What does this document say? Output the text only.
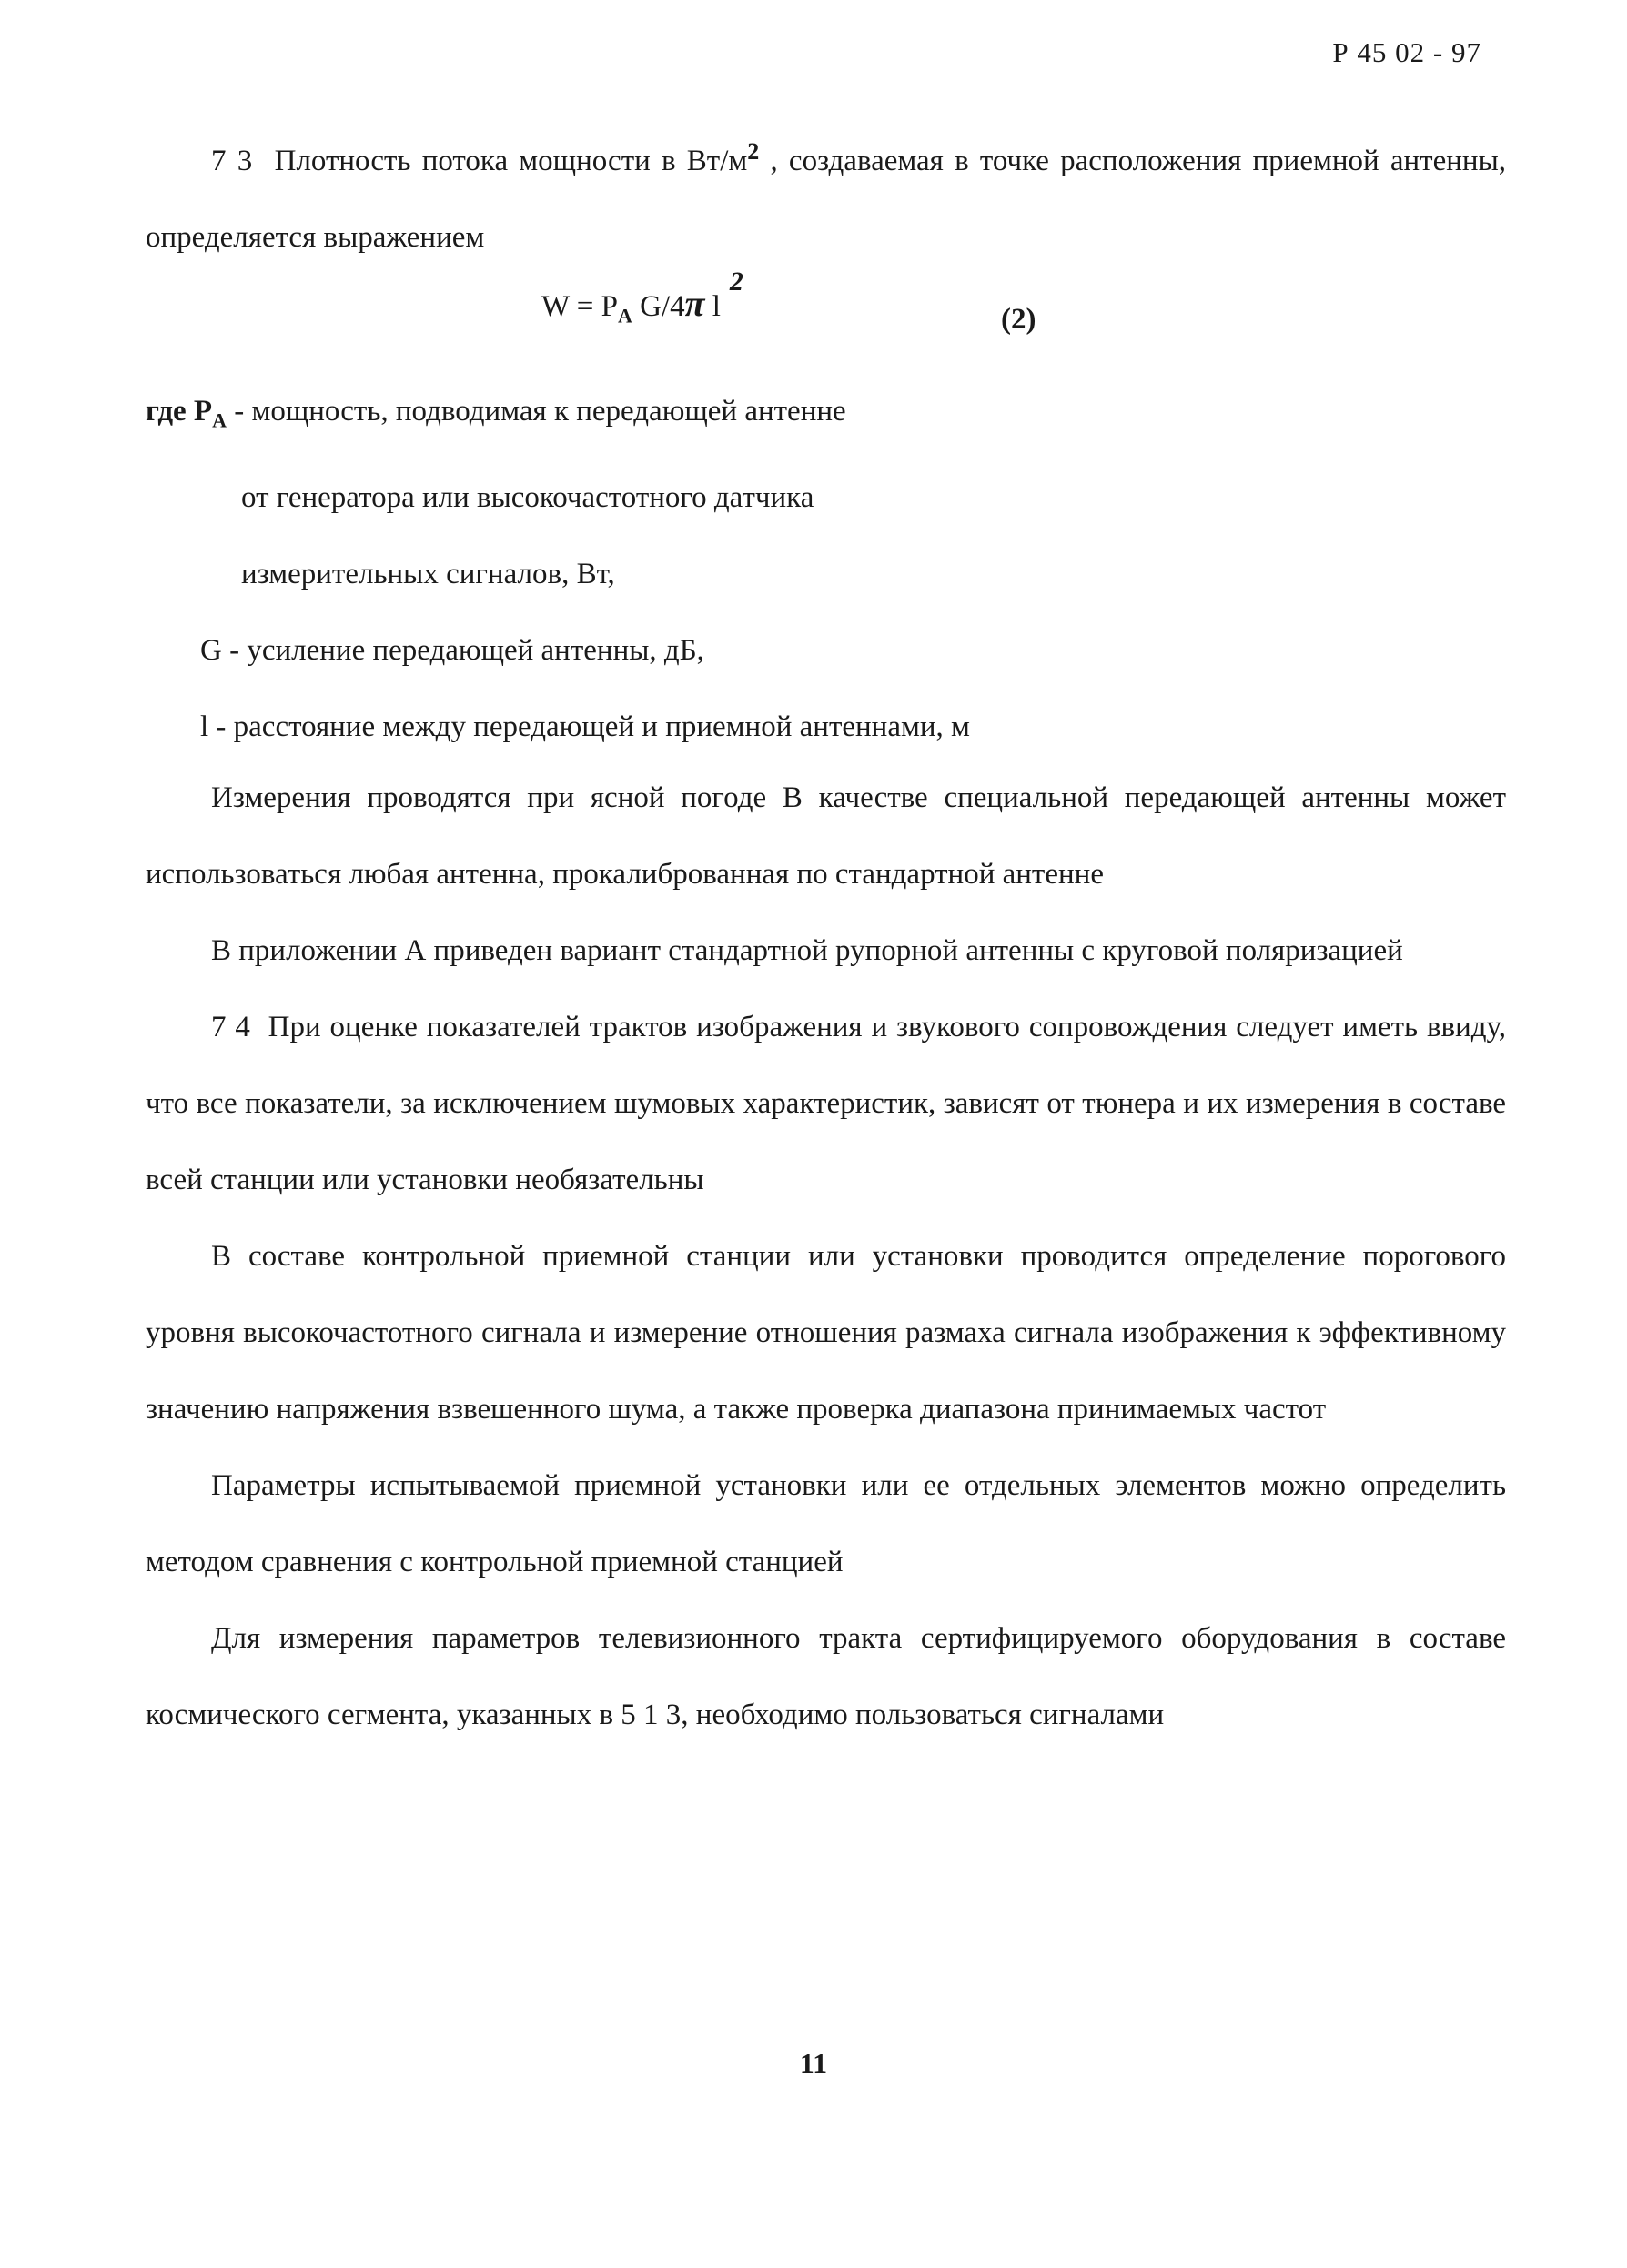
Р 45 02 - 97

7 3 Плотность потока мощности в $Вт/м^2$ , создаваемая в точке расположения приемной антенны, определяется выражением

$W = P_A$ G/4π l2
(2)

где $P_A$ - мощность, подводимая к передающей антенне

от генератора или высокочастотного датчика

измерительных сигналов, Вт,

G - усиление передающей антенны, дБ,

l - расстояние между передающей и приемной антеннами, м

Измерения проводятся при ясной погоде В качестве специальной передающей антенны может использоваться любая антенна, прокалиброванная по стандартной антенне

В приложении А приведен вариант стандартной рупорной антенны с круговой поляризацией

7 4 При оценке показателей трактов изображения и звукового сопровождения следует иметь ввиду, что все показатели, за исключением шумовых характеристик, зависят от тюнера и их измерения в составе всей станции или установки необязательны

В составе контрольной приемной станции или установки проводится определение порогового уровня высокочастотного сигнала и измерение отношения размаха сигнала изображения к эффективному значению напряжения взвешенного шума, а также проверка диапазона принимаемых частот

Параметры испытываемой приемной установки или ее отдельных элементов можно определить методом сравнения с контрольной приемной станцией

Для измерения параметров телевизионного тракта сертифицируемого оборудования в составе космического сегмента, указанных в 5 1 3, необходимо пользоваться сигналами

11
